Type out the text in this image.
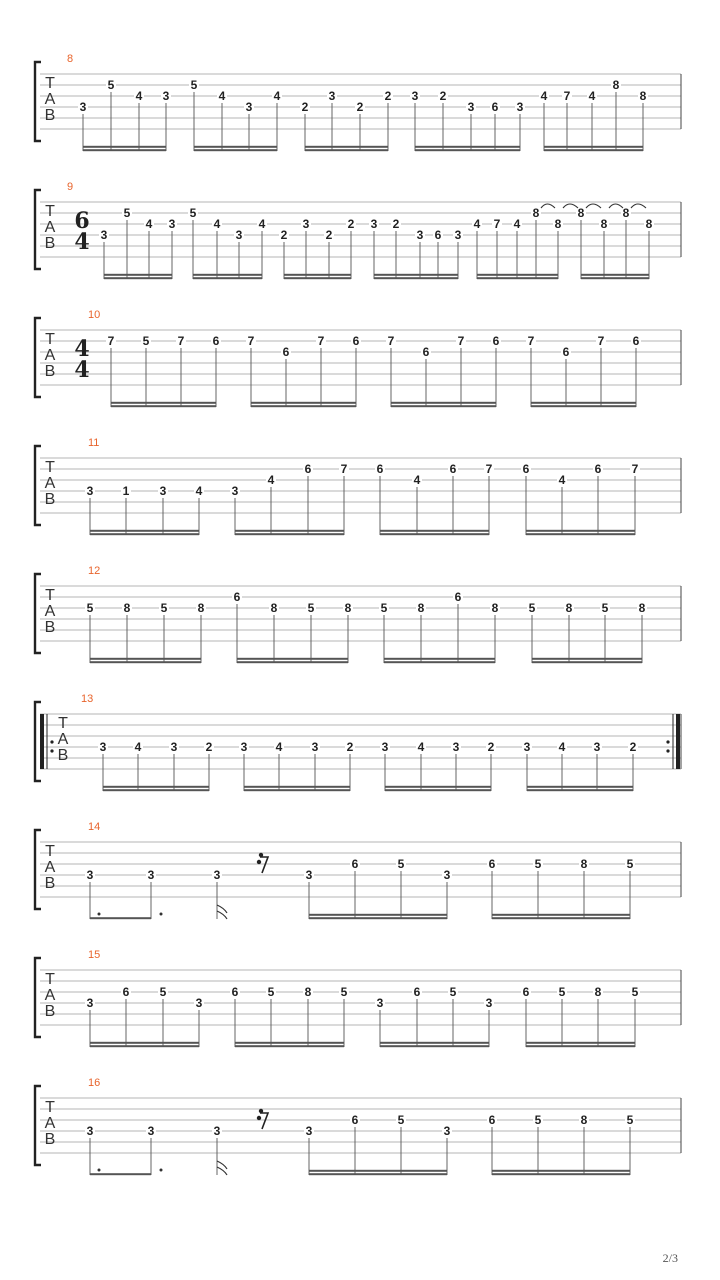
T
A
B
8
3
5
4 3
5
4
3
4
2
3
2
2 3 2
3 6 3
4 7 4
8
8
T
A
B
9
6
4 3
5
4 3
5
4
3
4
2
3
2
2 3 2
3 6 3
4 7 4
8
8
8
8
8
8
T
A
B
10
4
4
7 5 7 6 7
6
7 6 7
6
7 6 7
6
7 6
T
A
B
11
3 1	3 4 3
4
6 7 6
4
6 7	6
4
6	7
T
A
B
12
5	8	5	8
6
8	5	8 5	8
6
8	5	8 5	8
T
A
B
13
3 4 3 2 3 4 3 2 3 4 3 2 3 4 3 2
T
A
B
14
3	3	3	3
6	5
3
6	5	8	5
T
A
B
15
3
6	5
3
6 5	8 5
3
6 5
3
6 5 8	5
T
A
B
16
3	3	3	3
6	5
3
6	5	8	5
2/3
